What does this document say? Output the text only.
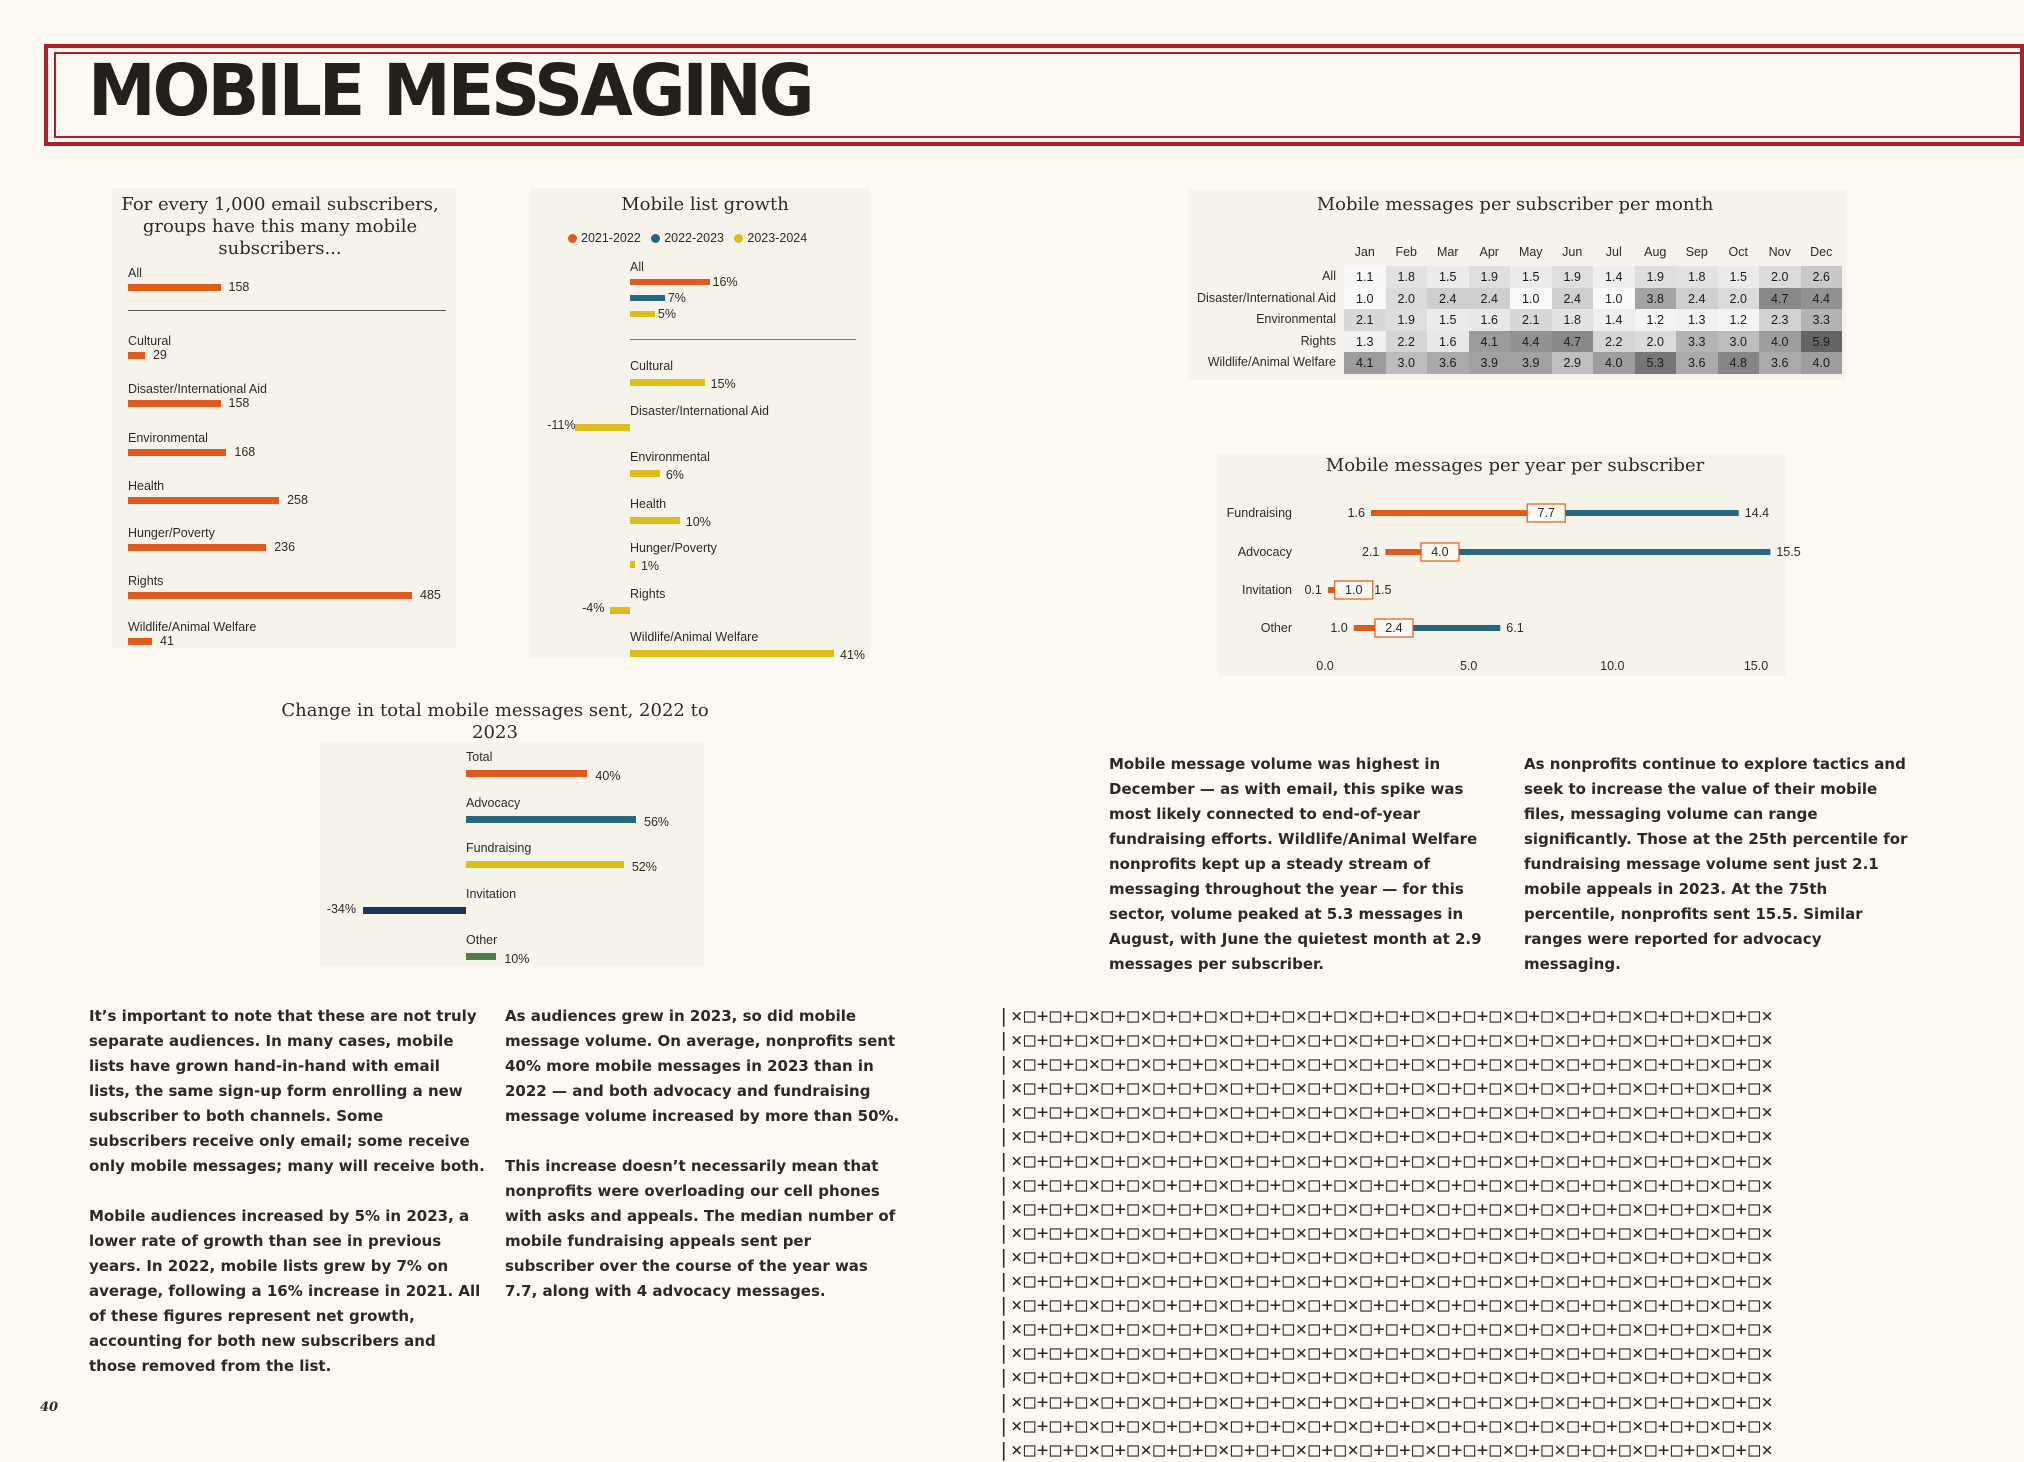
MOBILE MESSAGING
For every 1,000 email subscribers, groups have this many mobile subscribers...
All
158
Cultural
29
Disaster/International Aid
158
Environmental
168
Health
258
Hunger/Poverty
236
Rights
485
Wildlife/Animal Welfare
41
Mobile list growth
2021-2022 2022-2023 2023-2024
All
16%
7%
5%
Cultural
15%
Disaster/International Aid
-11%
Environmental
6%
Health
10%
Hunger/Poverty
1%
Rights
-4%
Wildlife/Animal Welfare
41%
Mobile messages per subscriber per month
Jan	Feb	Mar	Apr	May	Jun	Jul	Aug	Sep	Oct	Nov	Dec
All	1.1	1.8	1.5	1.9	1.5	1.9	1.4	1.9	1.8	1.5	2.0	2.6
Disaster/International Aid	1.0	2.0	2.4	2.4	1.0	2.4	1.0	3.8	2.4	2.0	4.7	4.4
Environmental	2.1	1.9	1.5	1.6	2.1	1.8	1.4	1.2	1.3	1.2	2.3	3.3
Rights	1.3	2.2	1.6	4.1	4.4	4.7	2.2	2.0	3.3	3.0	4.0	5.9
Wildlife/Animal Welfare	4.1	3.0	3.6	3.9	3.9	2.9	4.0	5.3	3.6	4.8	3.6	4.0
Mobile messages per year per subscriber
Fundraising	1.6	14.4
7.7
Advocacy	2.1	15.5
4.0
Invitation 0.1	1.5
1.0
Other	1.0	6.1
2.4
0.0	5.0	10.0	15.0
Change in total mobile messages sent, 2022 to 2023
Total
40%
Advocacy
56%
Fundraising
52%
Invitation
-34%
Other
10%

It’s important to note that these are not truly separate audiences. In many cases, mobile lists have grown hand-in-hand with email lists, the same sign-up form enrolling a new subscriber to both channels. Some subscribers receive only email; some receive only mobile messages; many will receive both.

Mobile audiences increased by 5% in 2023, a lower rate of growth than see in previous years. In 2022, mobile lists grew by 7% on average, following a 16% increase in 2021. All of these figures represent net growth, accounting for both new subscribers and those removed from the list.

As audiences grew in 2023, so did mobile message volume. On average, nonprofits sent 40% more mobile messages in 2023 than in 2022 — and both advocacy and fundraising message volume increased by more than 50%.

This increase doesn’t necessarily mean that nonprofits were overloading our cell phones with asks and appeals. The median number of mobile fundraising appeals sent per subscriber over the course of the year was 7.7, along with 4 advocacy messages.

Mobile message volume was highest in December — as with email, this spike was most likely connected to end-of-year fundraising efforts. Wildlife/Animal Welfare nonprofits kept up a steady stream of messaging throughout the year — for this sector, volume peaked at 5.3 messages in August, with June the quietest month at 2.9 messages per subscriber.

As nonprofits continue to explore tactics and seek to increase the value of their mobile files, messaging volume can range significantly. Those at the 25th percentile for fundraising message volume sent just 2.1 mobile appeals in 2023. At the 75th percentile, nonprofits sent 15.5. Similar ranges were reported for advocacy messaging.

|×□+□+□×□+□×□+□+□×□+□+□×□+□×□+□+□×□+□+□×□+□×□+□+□×□+□+□×□+□×
|×□+□+□×□+□×□+□+□×□+□+□×□+□×□+□+□×□+□+□×□+□×□+□+□×□+□+□×□+□×
|×□+□+□×□+□×□+□+□×□+□+□×□+□×□+□+□×□+□+□×□+□×□+□+□×□+□+□×□+□×
|×□+□+□×□+□×□+□+□×□+□+□×□+□×□+□+□×□+□+□×□+□×□+□+□×□+□+□×□+□×
|×□+□+□×□+□×□+□+□×□+□+□×□+□×□+□+□×□+□+□×□+□×□+□+□×□+□+□×□+□×
|×□+□+□×□+□×□+□+□×□+□+□×□+□×□+□+□×□+□+□×□+□×□+□+□×□+□+□×□+□×
|×□+□+□×□+□×□+□+□×□+□+□×□+□×□+□+□×□+□+□×□+□×□+□+□×□+□+□×□+□×
|×□+□+□×□+□×□+□+□×□+□+□×□+□×□+□+□×□+□+□×□+□×□+□+□×□+□+□×□+□×
|×□+□+□×□+□×□+□+□×□+□+□×□+□×□+□+□×□+□+□×□+□×□+□+□×□+□+□×□+□×
|×□+□+□×□+□×□+□+□×□+□+□×□+□×□+□+□×□+□+□×□+□×□+□+□×□+□+□×□+□×
|×□+□+□×□+□×□+□+□×□+□+□×□+□×□+□+□×□+□+□×□+□×□+□+□×□+□+□×□+□×
|×□+□+□×□+□×□+□+□×□+□+□×□+□×□+□+□×□+□+□×□+□×□+□+□×□+□+□×□+□×
|×□+□+□×□+□×□+□+□×□+□+□×□+□×□+□+□×□+□+□×□+□×□+□+□×□+□+□×□+□×
|×□+□+□×□+□×□+□+□×□+□+□×□+□×□+□+□×□+□+□×□+□×□+□+□×□+□+□×□+□×
|×□+□+□×□+□×□+□+□×□+□+□×□+□×□+□+□×□+□+□×□+□×□+□+□×□+□+□×□+□×
|×□+□+□×□+□×□+□+□×□+□+□×□+□×□+□+□×□+□+□×□+□×□+□+□×□+□+□×□+□×
|×□+□+□×□+□×□+□+□×□+□+□×□+□×□+□+□×□+□+□×□+□×□+□+□×□+□+□×□+□×
|×□+□+□×□+□×□+□+□×□+□+□×□+□×□+□+□×□+□+□×□+□×□+□+□×□+□+□×□+□×
|×□+□+□×□+□×□+□+□×□+□+□×□+□×□+□+□×□+□+□×□+□×□+□+□×□+□+□×□+□×
40
